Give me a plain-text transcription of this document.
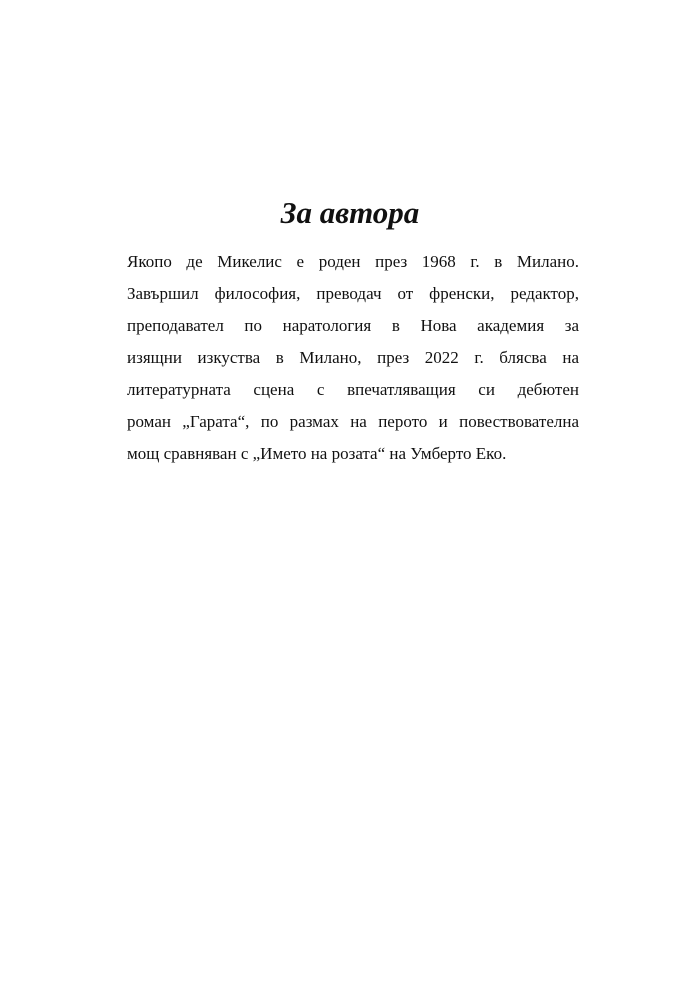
За автора
Якопо де Микелис е роден през 1968 г. в Милано.
Завършил философия, преводач от френски, редактор,
преподавател по наратология в Нова академия за
изящни изкуства в Милано, през 2022 г. блясва на
литературната сцена с впечатляващия си дебютен
роман „Гарата“, по размах на перото и повествователна
мощ сравняван с „Името на розата“ на Умберто Еко.
